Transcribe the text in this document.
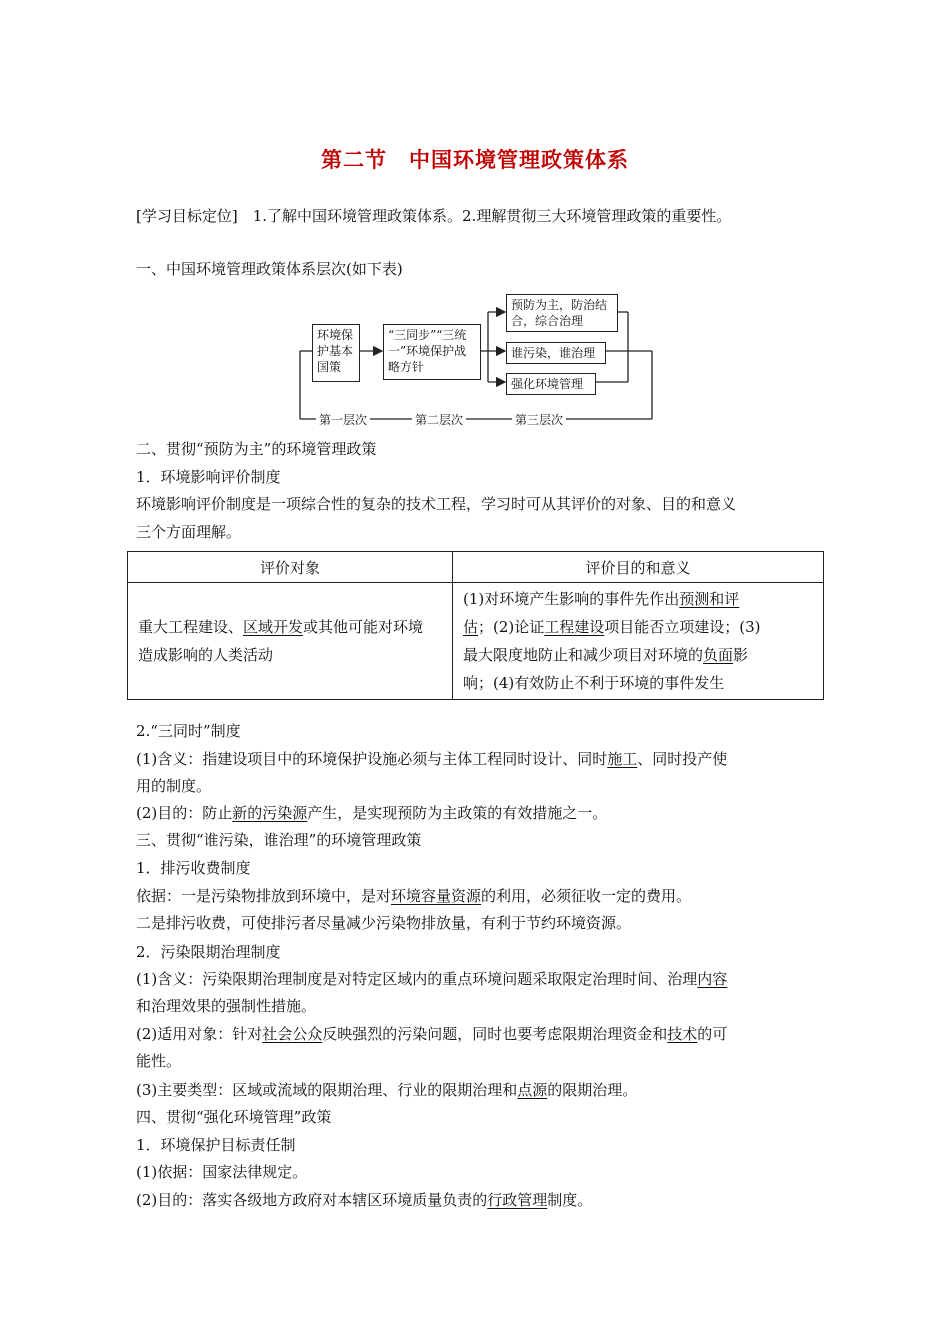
第二节　中国环境管理政策体系
[学习目标定位]　1.了解中国环境管理政策体系。2.理解贯彻三大环境管理政策的重要性。
一、中国环境管理政策体系层次(如下表)
环境保护基本国策
“三同步”“三统一”环境保护战略方针
预防为主，防治结合，综合治理
谁污染，谁治理
强化环境管理
第一层次	第二层次	第三层次
二、贯彻“预防为主”的环境管理政策
1．环境影响评价制度
环境影响评价制度是一项综合性的复杂的技术工程，学习时可从其评价的对象、目的和意义
三个方面理解。
评价对象	评价目的和意义
重大工程建设、区域开发或其他可能对环境
造成影响的人类活动	(1)对环境产生影响的事件先作出预测和评
估；(2)论证工程建设项目能否立项建设；(3)
最大限度地防止和减少项目对环境的负面影
响；(4)有效防止不利于环境的事件发生
2.“三同时”制度
(1)含义：指建设项目中的环境保护设施必须与主体工程同时设计、同时施工、同时投产使
用的制度。
(2)目的：防止新的污染源产生，是实现预防为主政策的有效措施之一。
三、贯彻“谁污染，谁治理”的环境管理政策
1．排污收费制度
依据：一是污染物排放到环境中，是对环境容量资源的利用，必须征收一定的费用。
二是排污收费，可使排污者尽量减少污染物排放量，有利于节约环境资源。
2．污染限期治理制度
(1)含义：污染限期治理制度是对特定区域内的重点环境问题采取限定治理时间、治理内容
和治理效果的强制性措施。
(2)适用对象：针对社会公众反映强烈的污染问题，同时也要考虑限期治理资金和技术的可
能性。
(3)主要类型：区域或流域的限期治理、行业的限期治理和点源的限期治理。
四、贯彻“强化环境管理”政策
1．环境保护目标责任制
(1)依据：国家法律规定。
(2)目的：落实各级地方政府对本辖区环境质量负责的行政管理制度。
